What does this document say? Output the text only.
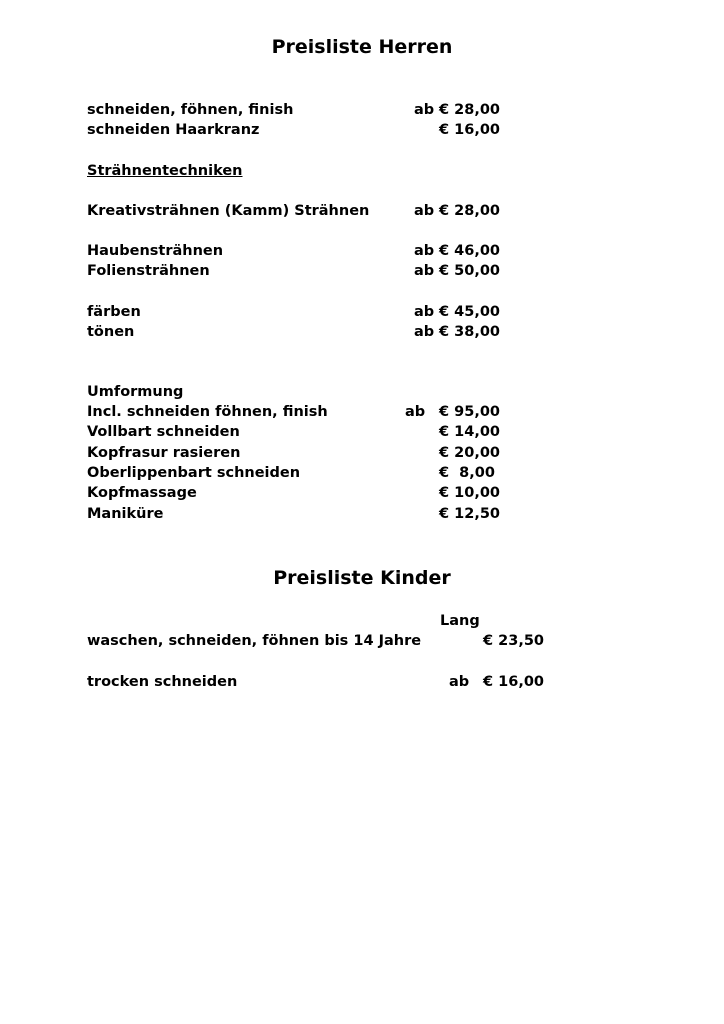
Preisliste Herren
schneiden, föhnen, finish	ab € 28,00
schneiden Haarkranz	€ 16,00
Strähnentechniken
Kreativsträhnen (Kamm) Strähnen	ab € 28,00
Haubensträhnen	ab € 46,00
Foliensträhnen	ab € 50,00
färben	ab € 45,00
tönen	ab € 38,00
Umformung
Incl. schneiden föhnen, finish	ab € 95,00
Vollbart schneiden	€ 14,00
Kopfrasur rasieren	€ 20,00
Oberlippenbart schneiden	€  8,00
Kopfmassage	€ 10,00
Maniküre	€ 12,50
Preisliste Kinder
Lang
waschen, schneiden, föhnen bis 14 Jahre	€ 23,50
trocken schneiden	ab € 16,00
